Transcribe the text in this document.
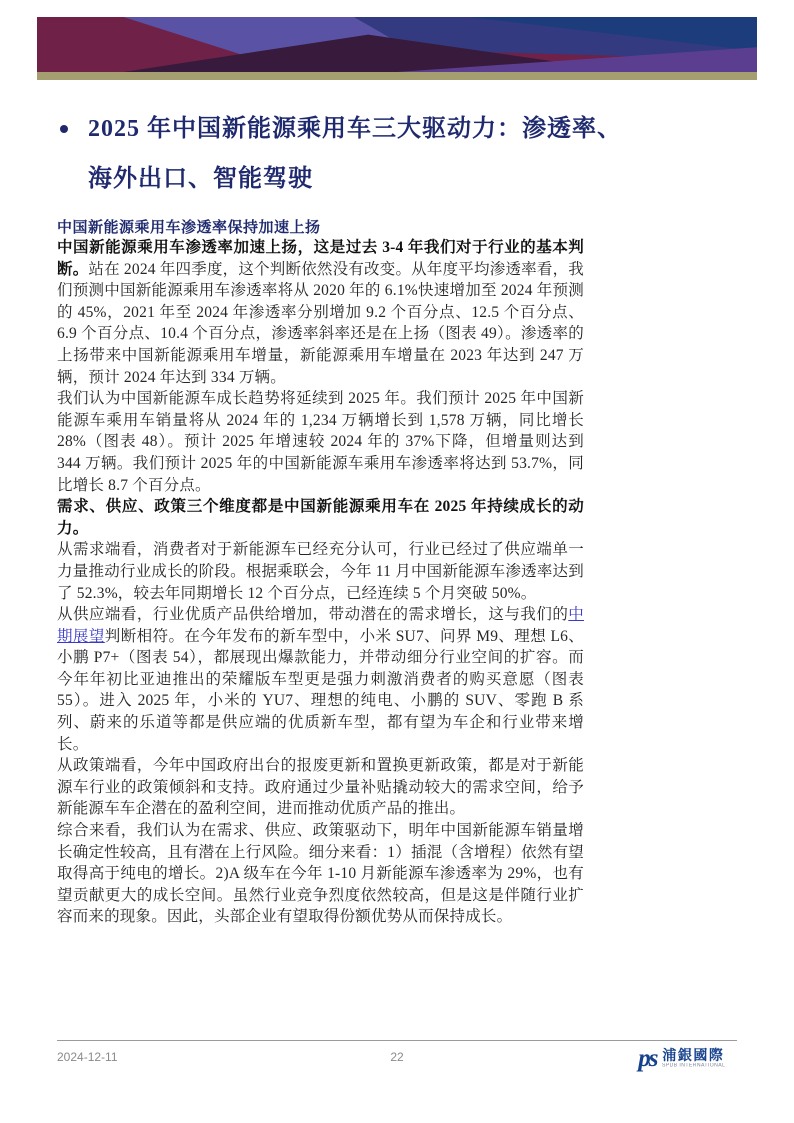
2025 年中国新能源乘用车三大驱动力：渗透率、
海外出口、智能驾驶
中国新能源乘用车渗透率保持加速上扬

中国新能源乘用车渗透率加速上扬，这是过去 3-4 年我们对于行业的基本判断。站在 2024 年四季度，这个判断依然没有改变。从年度平均渗透率看，我们预测中国新能源乘用车渗透率将从 2020 年的 6.1%快速增加至 2024 年预测的 45%，2021 年至 2024 年渗透率分别增加 9.2 个百分点、12.5 个百分点、6.9 个百分点、10.4 个百分点，渗透率斜率还是在上扬（图表 49）。渗透率的上扬带来中国新能源乘用车增量，新能源乘用车增量在 2023 年达到 247 万辆，预计 2024 年达到 334 万辆。

我们认为中国新能源车成长趋势将延续到 2025 年。我们预计 2025 年中国新能源车乘用车销量将从 2024 年的 1,234 万辆增长到 1,578 万辆，同比增长 28%（图表 48）。预计 2025 年增速较 2024 年的 37%下降，但增量则达到 344 万辆。我们预计 2025 年的中国新能源车乘用车渗透率将达到 53.7%，同比增长 8.7 个百分点。

需求、供应、政策三个维度都是中国新能源乘用车在 2025 年持续成长的动力。

从需求端看，消费者对于新能源车已经充分认可，行业已经过了供应端单一力量推动行业成长的阶段。根据乘联会，今年 11 月中国新能源车渗透率达到了 52.3%，较去年同期增长 12 个百分点，已经连续 5 个月突破 50%。

从供应端看，行业优质产品供给增加，带动潜在的需求增长，这与我们的中期展望判断相符。在今年发布的新车型中，小米 SU7、问界 M9、理想 L6、小鹏 P7+（图表 54），都展现出爆款能力，并带动细分行业空间的扩容。而今年年初比亚迪推出的荣耀版车型更是强力刺激消费者的购买意愿（图表 55）。进入 2025 年，小米的 YU7、理想的纯电、小鹏的 SUV、零跑 B 系列、蔚来的乐道等都是供应端的优质新车型，都有望为车企和行业带来增长。

从政策端看，今年中国政府出台的报废更新和置换更新政策，都是对于新能源车行业的政策倾斜和支持。政府通过少量补贴撬动较大的需求空间，给予新能源车车企潜在的盈利空间，进而推动优质产品的推出。

综合来看，我们认为在需求、供应、政策驱动下，明年中国新能源车销量增长确定性较高，且有潜在上行风险。细分来看：1）插混（含增程）依然有望取得高于纯电的增长。2)A 级车在今年 1-10 月新能源车渗透率为 29%，也有望贡献更大的成长空间。虽然行业竞争烈度依然较高，但是这是伴随行业扩容而来的现象。因此，头部企业有望取得份额优势从而保持成长。

2024-12-11	22	ps 浦銀國際
SPDB INTERNATIONAL
